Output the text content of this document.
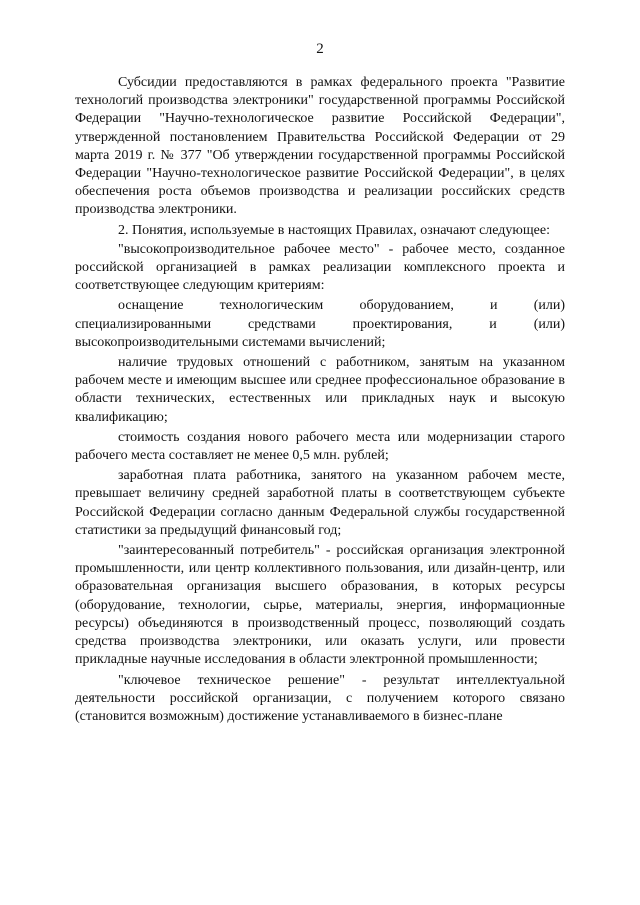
2

Субсидии предоставляются в рамках федерального проекта "Развитие технологий производства электроники" государственной программы Российской Федерации "Научно-технологическое развитие Российской Федерации", утвержденной постановлением Правительства Российской Федерации от 29 марта 2019 г. № 377 "Об утверждении государственной программы Российской Федерации "Научно-технологическое развитие Российской Федерации", в целях обеспечения роста объемов производства и реализации российских средств производства электроники.

2. Понятия, используемые в настоящих Правилах, означают следующее:

"высокопроизводительное рабочее место" - рабочее место, созданное российской организацией в рамках реализации комплексного проекта и соответствующее следующим критериям:

оснащение технологическим оборудованием, и (или) специализированными средствами проектирования, и (или) высокопроизводительными системами вычислений;

наличие трудовых отношений с работником, занятым на указанном рабочем месте и имеющим высшее или среднее профессиональное образование в области технических, естественных или прикладных наук и высокую квалификацию;

стоимость создания нового рабочего места или модернизации старого рабочего места составляет не менее 0,5 млн. рублей;

заработная плата работника, занятого на указанном рабочем месте, превышает величину средней заработной платы в соответствующем субъекте Российской Федерации согласно данным Федеральной службы государственной статистики за предыдущий финансовый год;

"заинтересованный потребитель" - российская организация электронной промышленности, или центр коллективного пользования, или дизайн-центр, или образовательная организация высшего образования, в которых ресурсы (оборудование, технологии, сырье, материалы, энергия, информационные ресурсы) объединяются в производственный процесс, позволяющий создать средства производства электроники, или оказать услуги, или провести прикладные научные исследования в области электронной промышленности;

"ключевое техническое решение" - результат интеллектуальной деятельности российской организации, с получением которого связано (становится возможным) достижение устанавливаемого в бизнес-плане
